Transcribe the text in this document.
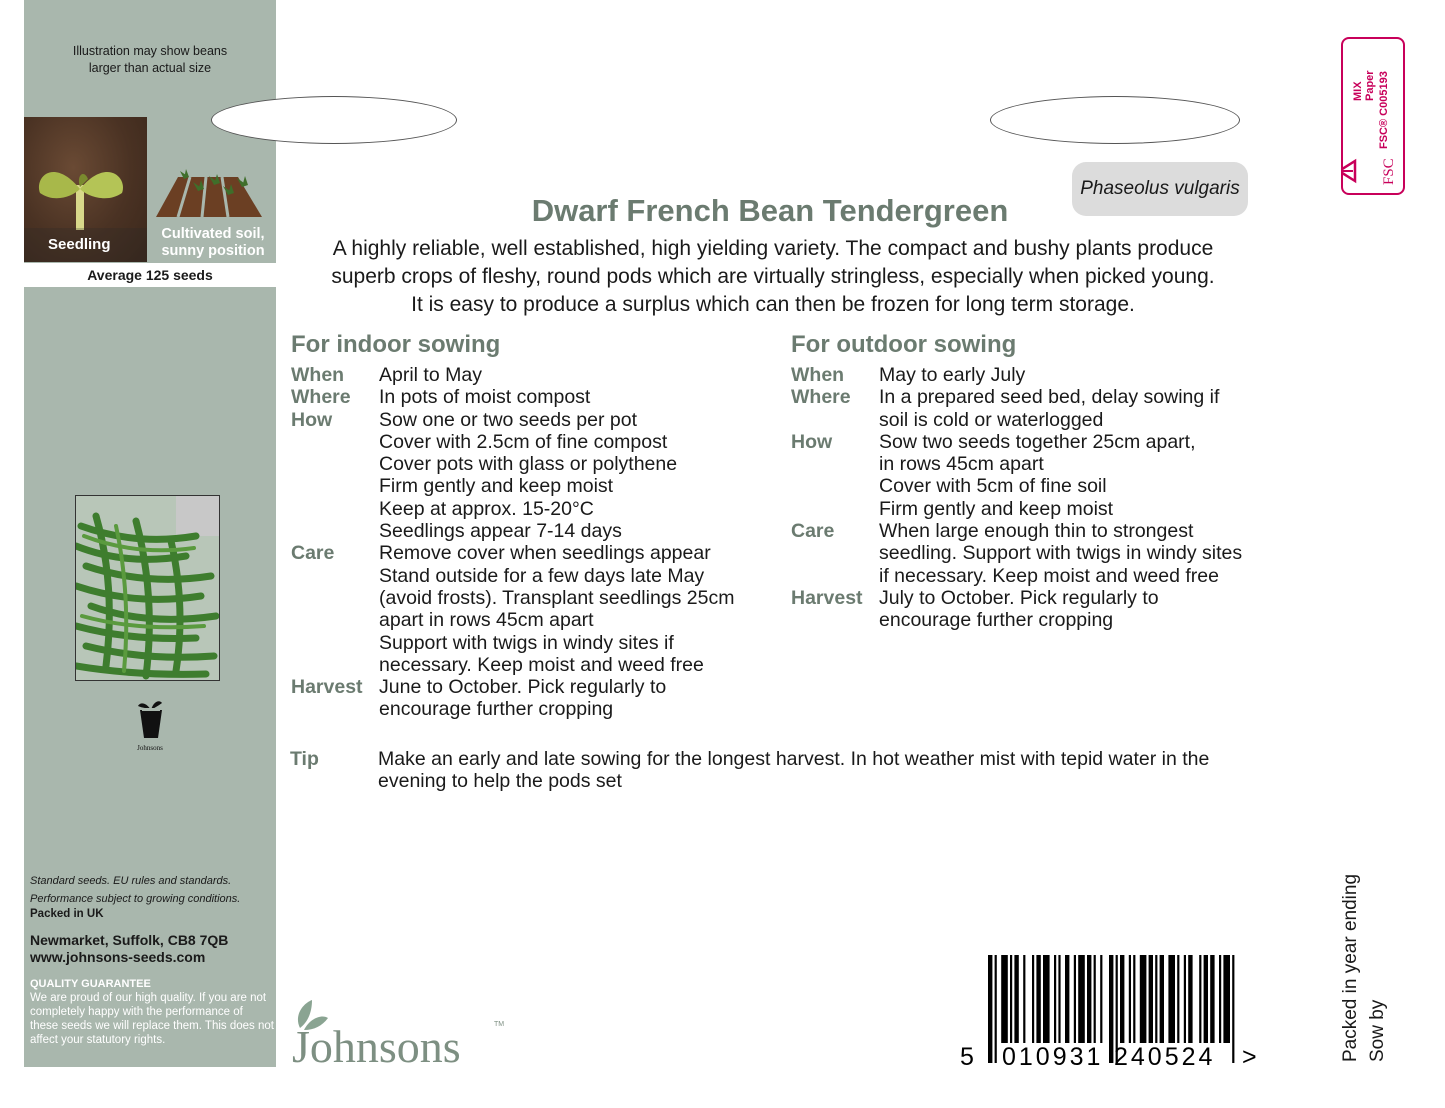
Illustration may show beans
larger than actual size
Seedling
Cultivated soil,
sunny position
Average 125 seeds
Johnsons
Standard seeds. EU rules and standards.
Performance subject to growing conditions.
Packed in UK
Newmarket, Suffolk, CB8 7QB
www.johnsons-seeds.com
QUALITY GUARANTEE
We are proud of our high quality. If you are not completely happy with the performance of these seeds we will replace them. This does not affect your statutory rights.
Phaseolus vulgaris
Dwarf French Bean Tendergreen
A highly reliable, well established, high yielding variety. The compact and bushy plants produce
superb crops of fleshy, round pods which are virtually stringless, especially when picked young.
It is easy to produce a surplus which can then be frozen for long term storage.
For indoor sowing
When	April to May
Where	In pots of moist compost
How	Sow one or two seeds per pot
Cover with 2.5cm of fine compost
Cover pots with glass or polythene
Firm gently and keep moist
Keep at approx. 15-20°C
Seedlings appear 7-14 days
Care	Remove cover when seedlings appear
Stand outside for a few days late May
(avoid frosts). Transplant seedlings 25cm
apart in rows 45cm apart
Support with twigs in windy sites if
necessary. Keep moist and weed free
Harvest June to October. Pick regularly to
encourage further cropping
For outdoor sowing
When	May to early July
Where	In a prepared seed bed, delay sowing if
soil is cold or waterlogged
How	Sow two seeds together 25cm apart,
in rows 45cm apart
Cover with 5cm of fine soil
Firm gently and keep moist
Care	When large enough thin to strongest
seedling. Support with twigs in windy sites
if necessary. Keep moist and weed free
Harvest July to October. Pick regularly to
encourage further cropping
Tip	Make an early and late sowing for the longest harvest. In hot weather mist with tepid water in the evening to help the pods set
Johnsons	TM
MIX Paper FSC® C005193
FSC
5 010931 240524 >	Packed in year ending Sow by
